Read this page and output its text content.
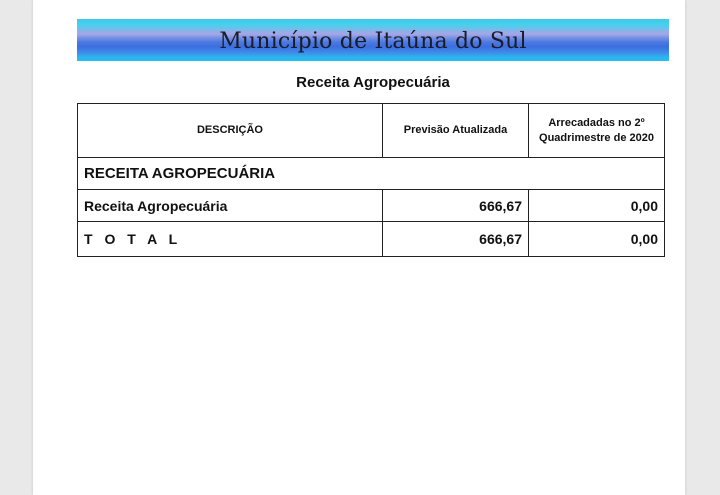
Município de Itaúna do Sul
Receita Agropecuária
DESCRIÇÃO	Previsão Atualizada	Arrecadadas no 2º Quadrimestre de 2020
RECEITA AGROPECUÁRIA		
Receita Agropecuária	666,67	0,00
T O T A L	666,67	0,00
